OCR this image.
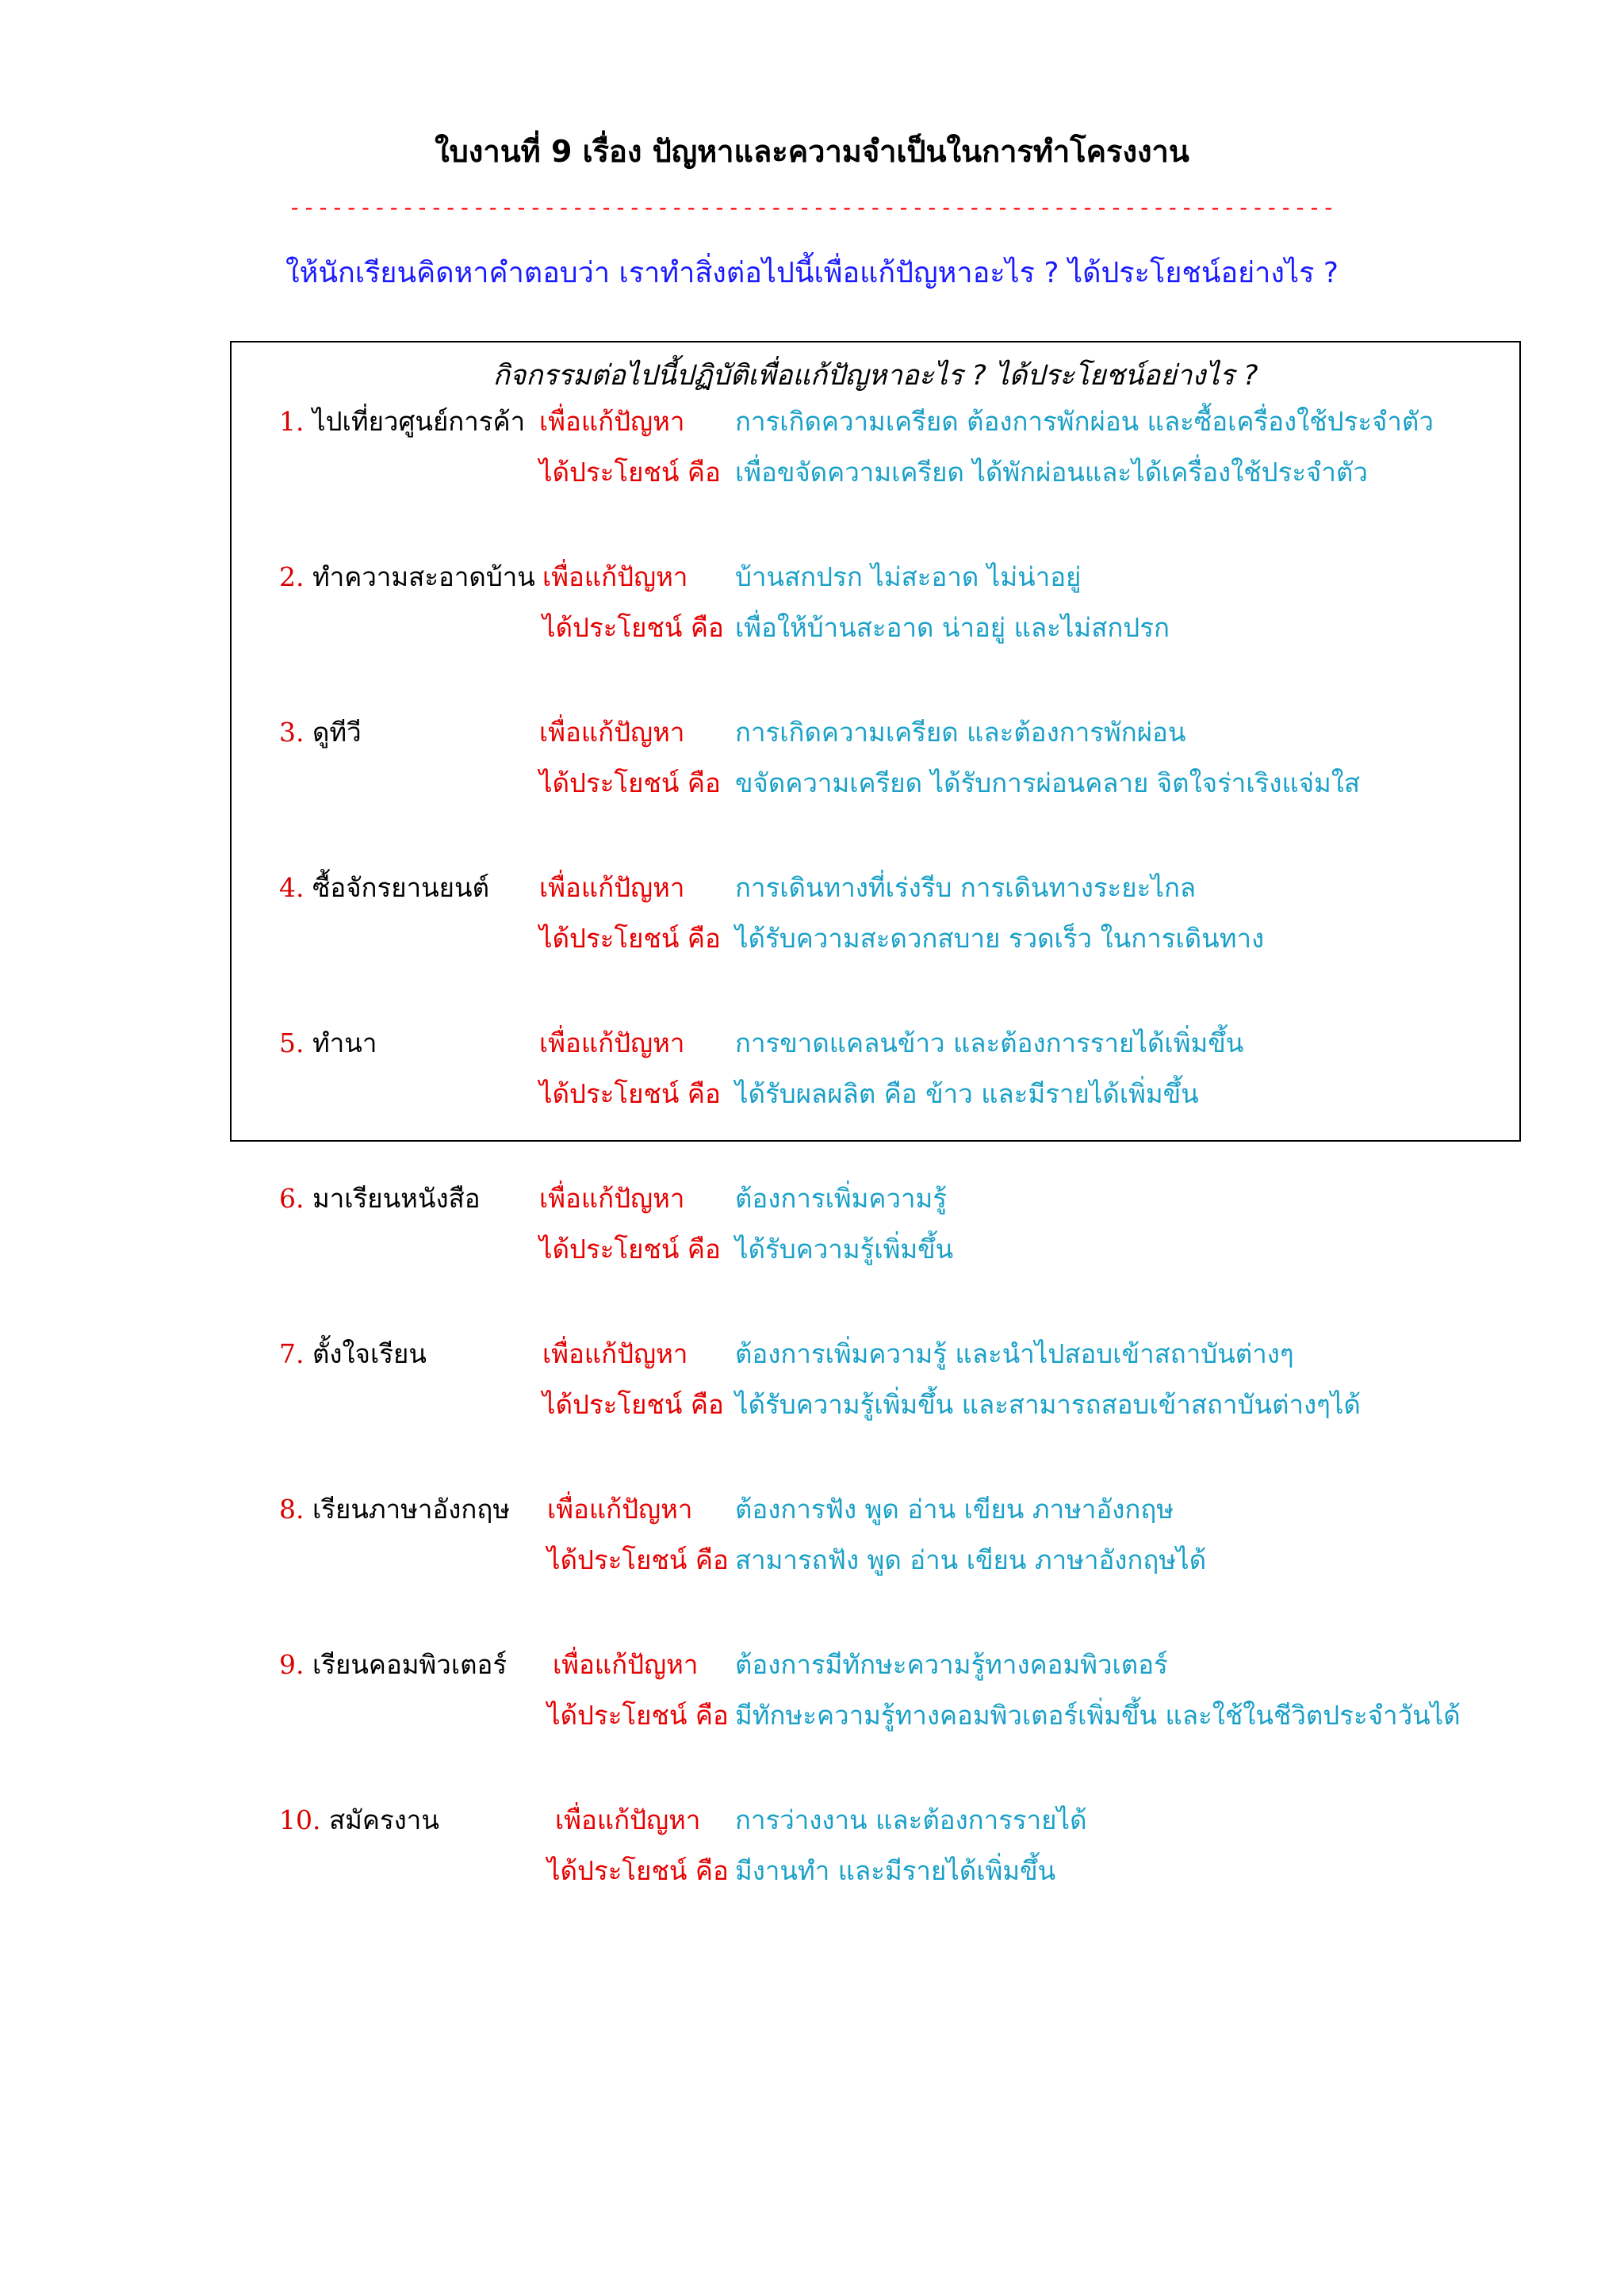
ใบงานที่ 9 เรื่อง ปัญหาและความจำเป็นในการทำโครงงาน
--------------------------------------------------------------------------
ให้นักเรียนคิดหาคำตอบว่า เราทำสิ่งต่อไปนี้เพื่อแก้ปัญหาอะไร ? ได้ประโยชน์อย่างไร ?
กิจกรรมต่อไปนี้ปฏิบัติเพื่อแก้ปัญหาอะไร ? ได้ประโยชน์อย่างไร ?
1. ไปเที่ยวศูนย์การค้า เพื่อแก้ปัญหา การเกิดความเครียด ต้องการพักผ่อน และซื้อเครื่องใช้ประจำตัว
ได้ประโยชน์ คือ เพื่อขจัดความเครียด ได้พักผ่อนและได้เครื่องใช้ประจำตัว
2. ทำความสะอาดบ้าน เพื่อแก้ปัญหา บ้านสกปรก ไม่สะอาด ไม่น่าอยู่
ได้ประโยชน์ คือ เพื่อให้บ้านสะอาด น่าอยู่ และไม่สกปรก
3. ดูทีวี	เพื่อแก้ปัญหา การเกิดความเครียด และต้องการพักผ่อน
ได้ประโยชน์ คือ ขจัดความเครียด ได้รับการผ่อนคลาย จิตใจร่าเริงแจ่มใส
4. ซื้อจักรยานยนต์ เพื่อแก้ปัญหา การเดินทางที่เร่งรีบ การเดินทางระยะไกล
ได้ประโยชน์ คือ ได้รับความสะดวกสบาย รวดเร็ว ในการเดินทาง
5. ทำนา	เพื่อแก้ปัญหา การขาดแคลนข้าว และต้องการรายได้เพิ่มขึ้น
ได้ประโยชน์ คือ ได้รับผลผลิต คือ ข้าว และมีรายได้เพิ่มขึ้น
6. มาเรียนหนังสือ เพื่อแก้ปัญหา ต้องการเพิ่มความรู้
ได้ประโยชน์ คือ ได้รับความรู้เพิ่มขึ้น
7. ตั้งใจเรียน	เพื่อแก้ปัญหา ต้องการเพิ่มความรู้ และนำไปสอบเข้าสถาบันต่างๆ
ได้ประโยชน์ คือ ได้รับความรู้เพิ่มขึ้น และสามารถสอบเข้าสถาบันต่างๆได้
8. เรียนภาษาอังกฤษ เพื่อแก้ปัญหา ต้องการฟัง พูด อ่าน เขียน ภาษาอังกฤษ
ได้ประโยชน์ คือ สามารถฟัง พูด อ่าน เขียน ภาษาอังกฤษได้
9. เรียนคอมพิวเตอร์ เพื่อแก้ปัญหา ต้องการมีทักษะความรู้ทางคอมพิวเตอร์
ได้ประโยชน์ คือ มีทักษะความรู้ทางคอมพิวเตอร์เพิ่มขึ้น และใช้ในชีวิตประจำวันได้
10. สมัครงาน	เพื่อแก้ปัญหา การว่างงาน และต้องการรายได้
ได้ประโยชน์ คือ มีงานทำ และมีรายได้เพิ่มขึ้น
